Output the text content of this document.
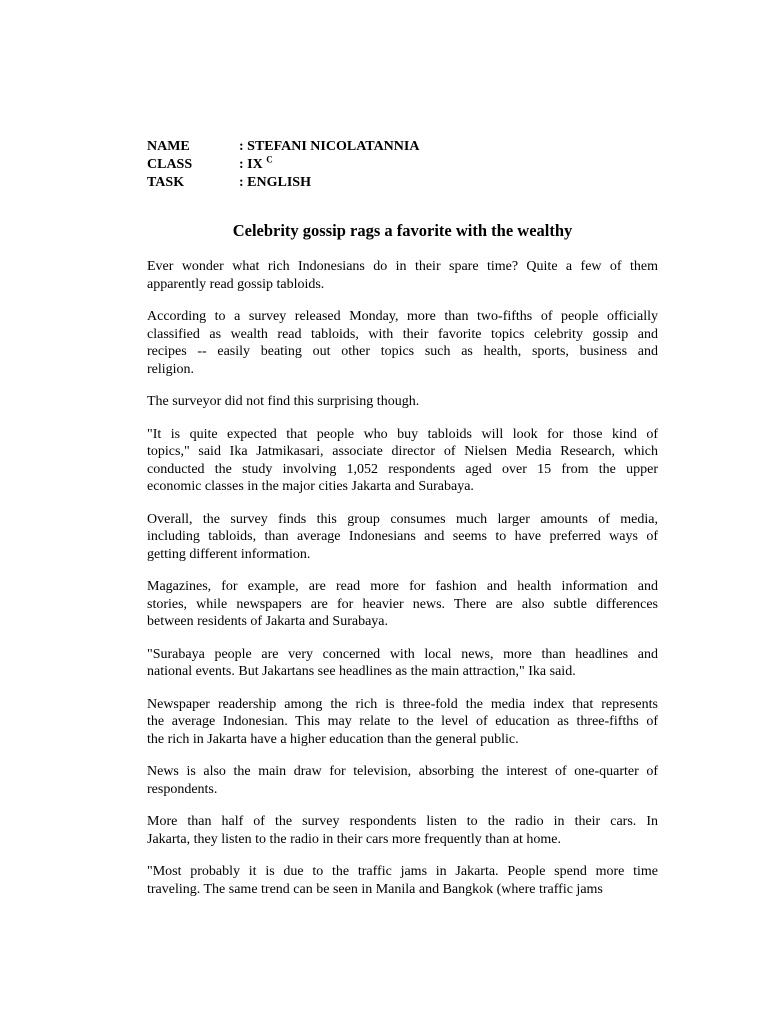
NAME	: STEFANI NICOLATANNIA
CLASS	: IX $^C$
TASK	: ENGLISH
Celebrity gossip rags a favorite with the wealthy

Ever wonder what rich Indonesians do in their spare time? Quite a few of them
apparently read gossip tabloids.

According to a survey released Monday, more than two-fifths of people officially
classified as wealth read tabloids, with their favorite topics celebrity gossip and
recipes -- easily beating out other topics such as health, sports, business and
religion.

The surveyor did not find this surprising though.

"It is quite expected that people who buy tabloids will look for those kind of
topics," said Ika Jatmikasari, associate director of Nielsen Media Research, which
conducted the study involving 1,052 respondents aged over 15 from the upper
economic classes in the major cities Jakarta and Surabaya.

Overall, the survey finds this group consumes much larger amounts of media,
including tabloids, than average Indonesians and seems to have preferred ways of
getting different information.

Magazines, for example, are read more for fashion and health information and
stories, while newspapers are for heavier news. There are also subtle differences
between residents of Jakarta and Surabaya.

"Surabaya people are very concerned with local news, more than headlines and
national events. But Jakartans see headlines as the main attraction," Ika said.

Newspaper readership among the rich is three-fold the media index that represents
the average Indonesian. This may relate to the level of education as three-fifths of
the rich in Jakarta have a higher education than the general public.

News is also the main draw for television, absorbing the interest of one-quarter of
respondents.

More than half of the survey respondents listen to the radio in their cars. In
Jakarta, they listen to the radio in their cars more frequently than at home.

"Most probably it is due to the traffic jams in Jakarta. People spend more time
traveling. The same trend can be seen in Manila and Bangkok (where traffic jams
